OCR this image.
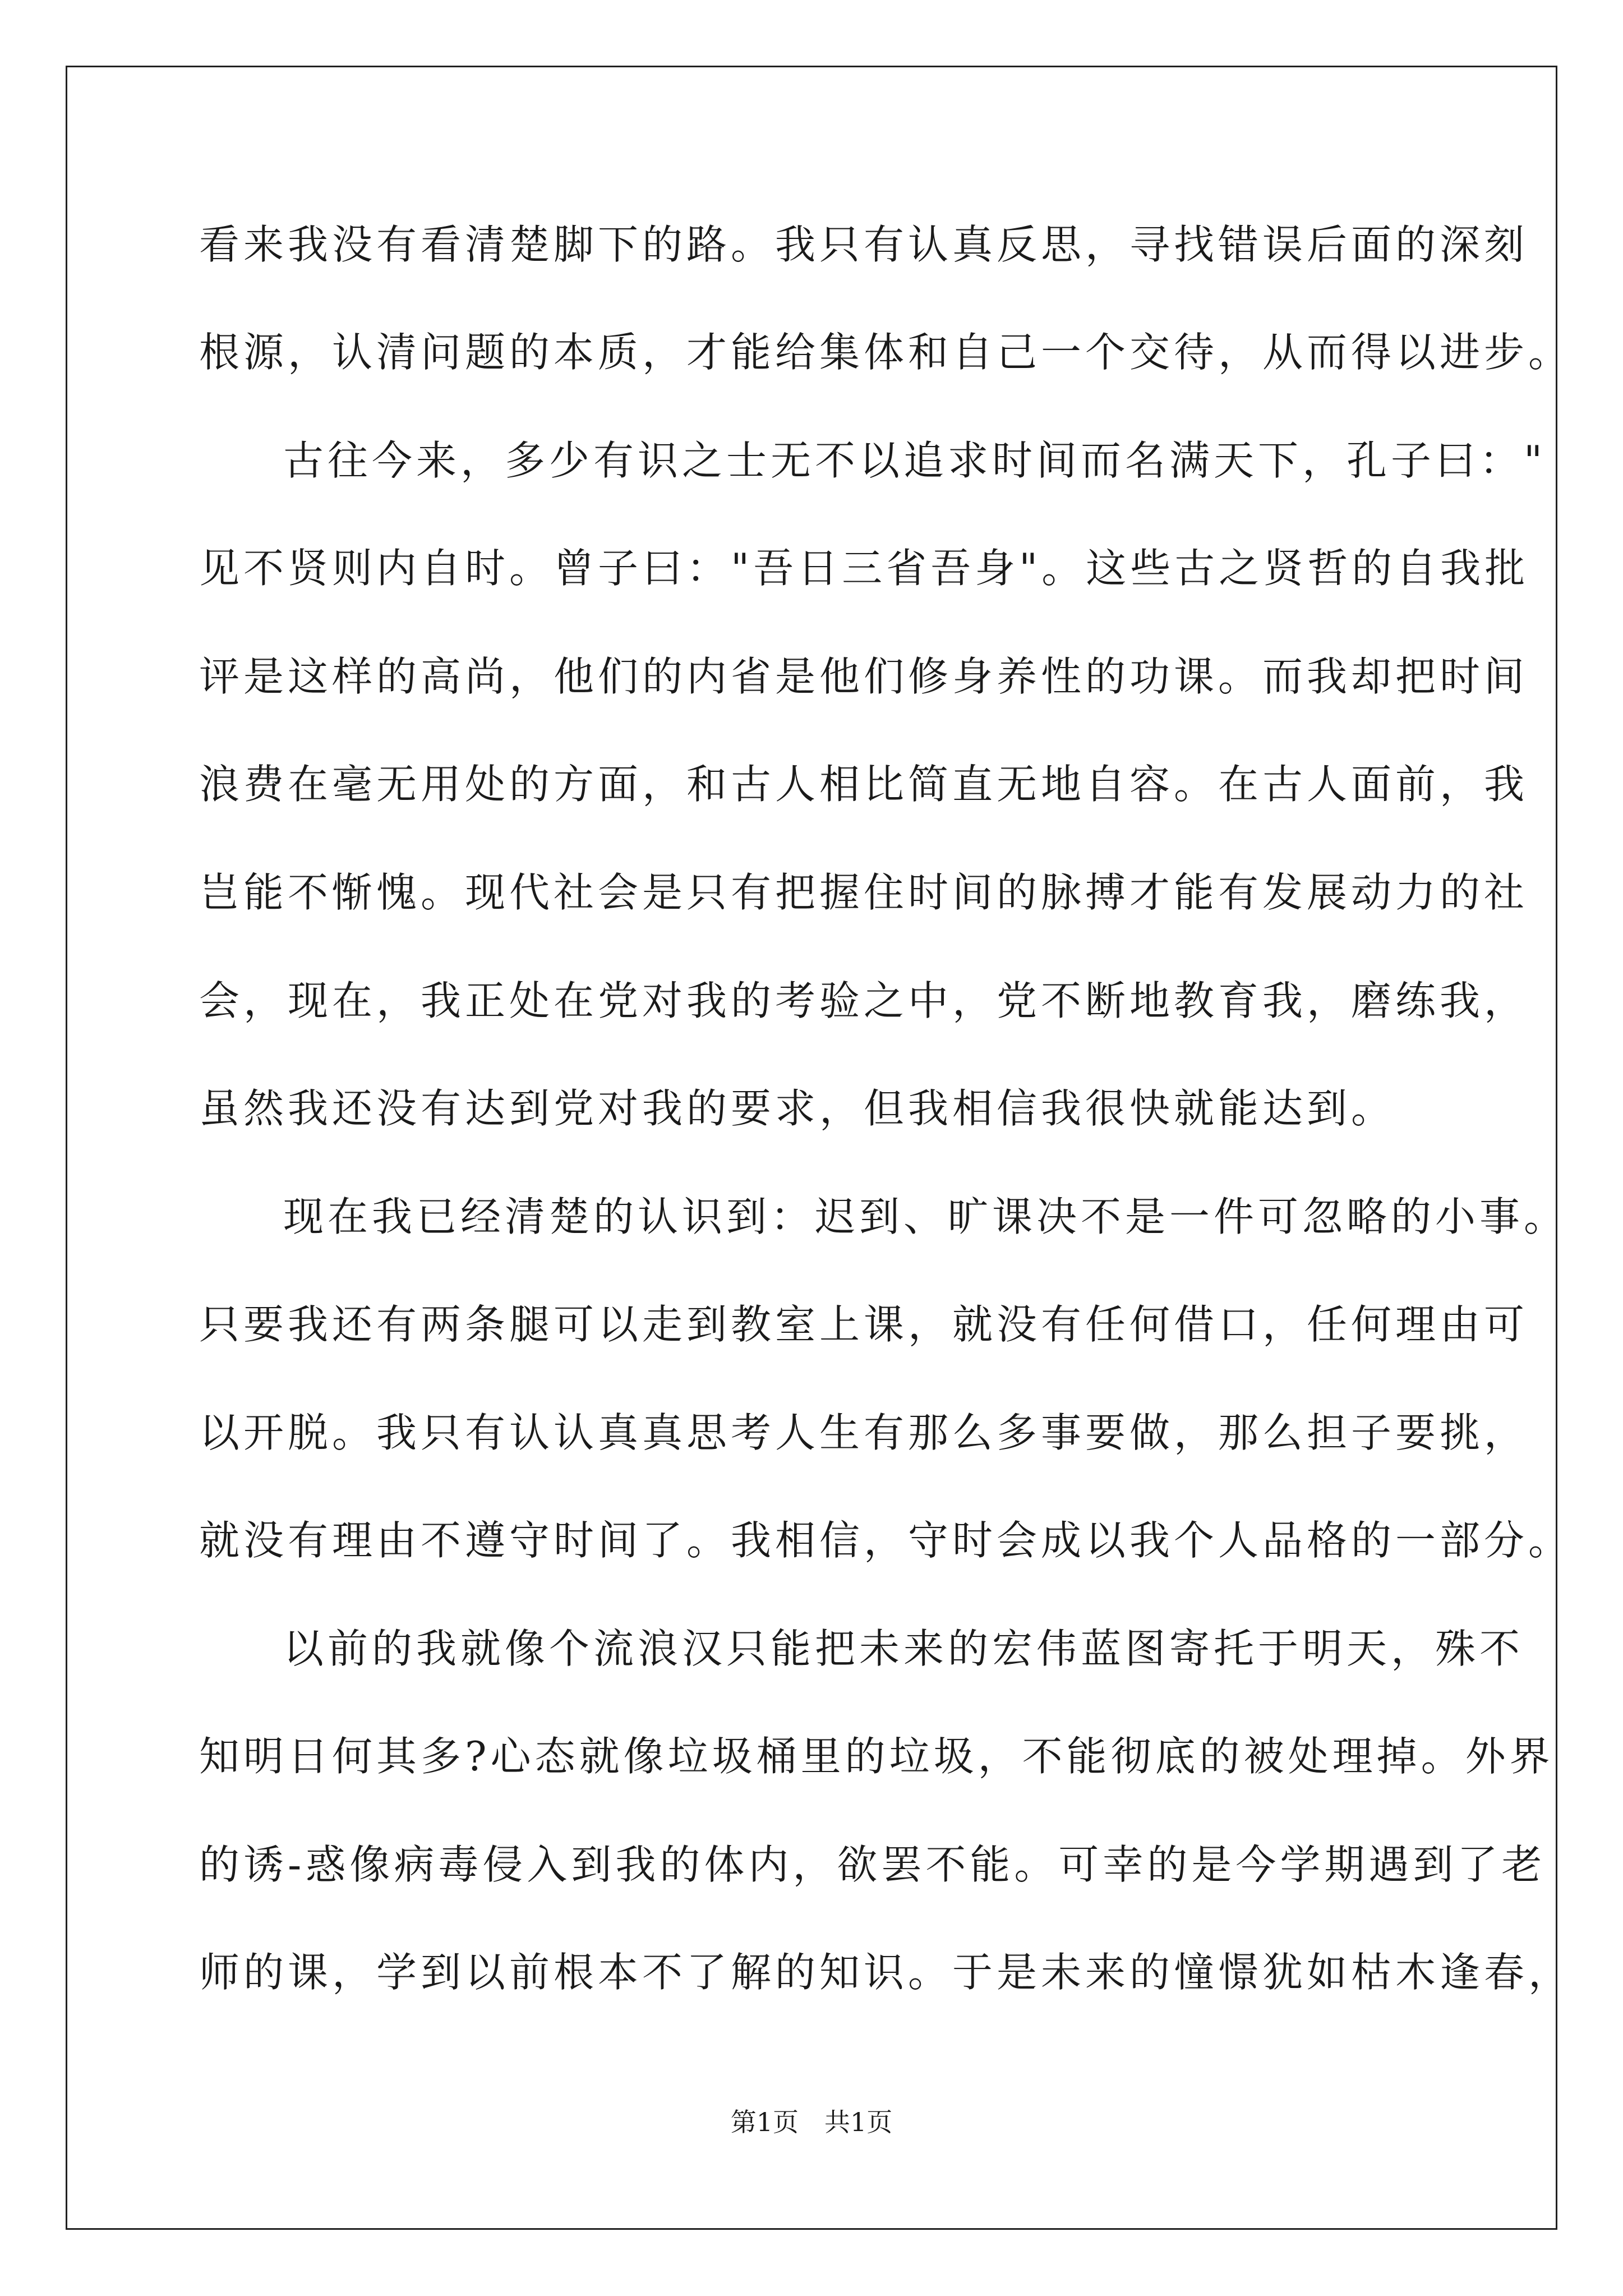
看来我没有看清楚脚下的路。我只有认真反思，寻找错误后面的深刻
根源，认清问题的本质，才能给集体和自己一个交待，从而得以进步。
古往今来，多少有识之士无不以追求时间而名满天下，孔子曰："
见不贤则内自时。曾子曰："吾日三省吾身"。这些古之贤哲的自我批
评是这样的高尚，他们的内省是他们修身养性的功课。而我却把时间
浪费在毫无用处的方面，和古人相比简直无地自容。在古人面前，我
岂能不惭愧。现代社会是只有把握住时间的脉搏才能有发展动力的社
会，现在，我正处在党对我的考验之中，党不断地教育我，磨练我，
虽然我还没有达到党对我的要求，但我相信我很快就能达到。
现在我已经清楚的认识到：迟到、旷课决不是一件可忽略的小事。
只要我还有两条腿可以走到教室上课，就没有任何借口，任何理由可
以开脱。我只有认认真真思考人生有那么多事要做，那么担子要挑，
就没有理由不遵守时间了。我相信，守时会成以我个人品格的一部分。
以前的我就像个流浪汉只能把未来的宏伟蓝图寄托于明天，殊不
知明日何其多?心态就像垃圾桶里的垃圾，不能彻底的被处理掉。外界
的诱-惑像病毒侵入到我的体内，欲罢不能。可幸的是今学期遇到了老
师的课，学到以前根本不了解的知识。于是未来的憧憬犹如枯木逢春，
第1页　共1页
